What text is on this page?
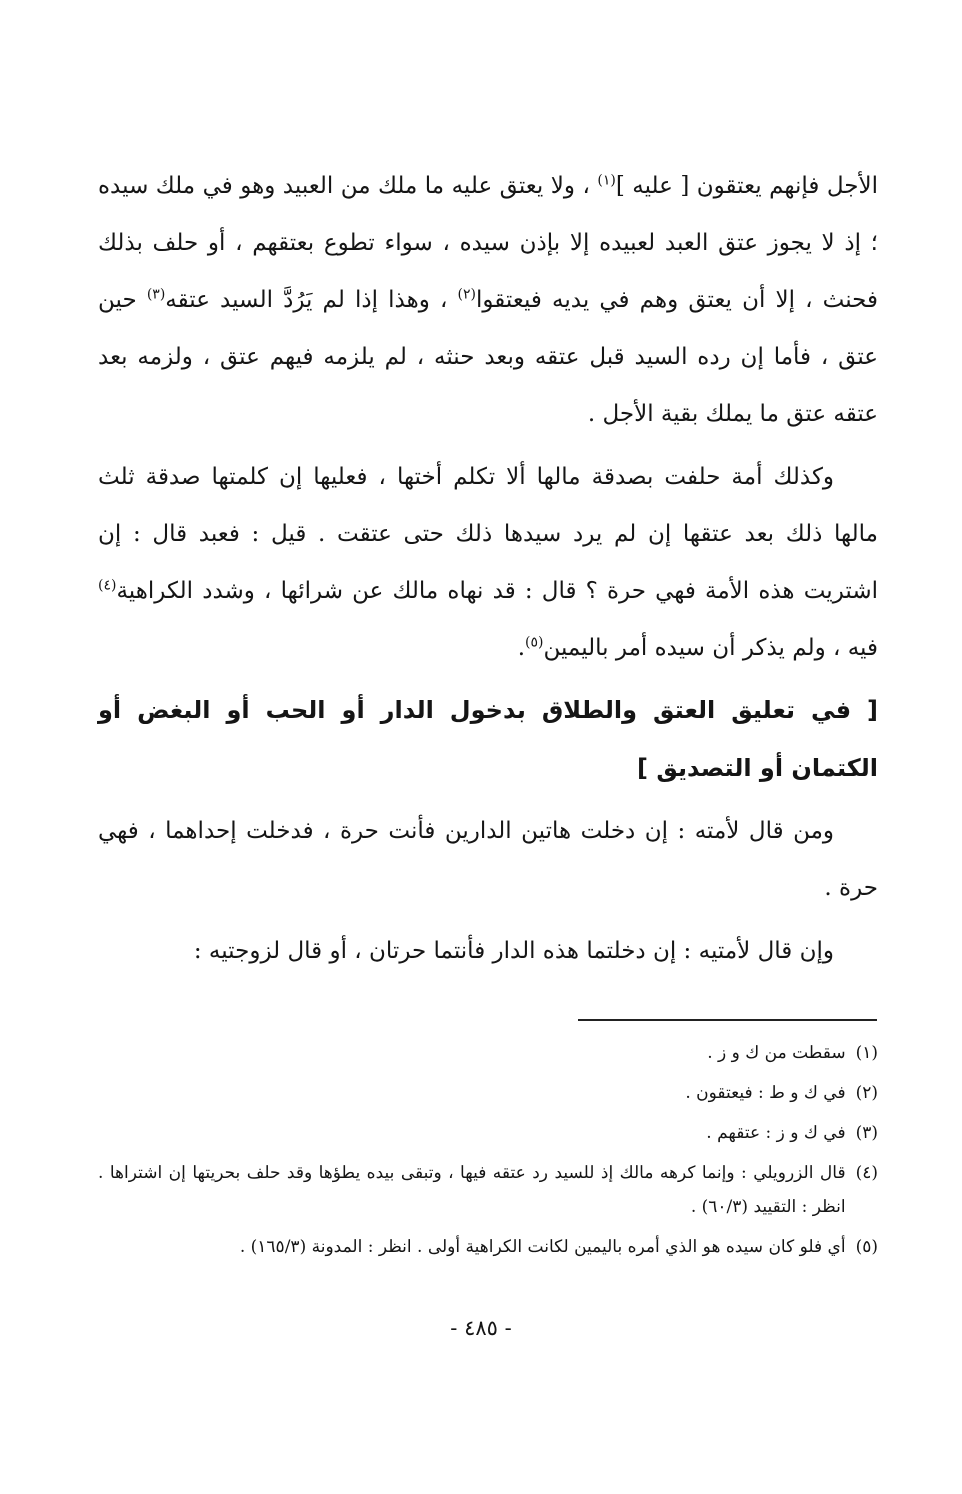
الأجل فإنهم يعتقون [ عليه ]$^{(١)}$ ، ولا يعتق عليه ما ملك من العبيد وهو في ملك سيده ؛ إذ لا يجوز عتق العبد لعبيده إلا بإذن سيده ، سواء تطوع بعتقهم ، أو حلف بذلك فحنث ، إلا أن يعتق وهم في يديه فيعتقوا$^{(٢)}$ ، وهذا إذا لم يَرُدَّ السيد عتقه$^{(٣)}$ حين عتق ، فأما إن رده السيد قبل عتقه وبعد حنثه ، لم يلزمه فيهم عتق ، ولزمه بعد عتقه عتق ما يملك بقية الأجل .

وكذلك أمة حلفت بصدقة مالها ألا تكلم أختها ، فعليها إن كلمتها صدقة ثلث مالها ذلك بعد عتقها إن لم يرد سيدها ذلك حتى عتقت . قيل : فعبد قال : إن اشتريت هذه الأمة فهي حرة ؟ قال : قد نهاه مالك عن شرائها ، وشدد الكراهية$^{(٤)}$ فيه ، ولم يذكر أن سيده أمر باليمين$^{(٥)}$.

[ في تعليق العتق والطلاق بدخول الدار أو الحب أو البغض أو الكتمان أو التصديق ]

ومن قال لأمته : إن دخلت هاتين الدارين فأنت حرة ، فدخلت إحداهما ، فهي حرة .

وإن قال لأمتيه : إن دخلتما هذه الدار فأنتما حرتان ، أو قال لزوجتيه :

(١)
سقطت من ك و ز .
(٢)
في ك و ط : فيعتقون .
(٣)
في ك و ز : عتقهم .
(٤)
قال الزرويلي : وإنما كرهه مالك إذ للسيد رد عتقه فيها ، وتبقى بيده يطؤها وقد حلف بحريتها إن اشتراها . انظر : التقييد (٦٠/٣) .
(٥)
أي فلو كان سيده هو الذي أمره باليمين لكانت الكراهية أولى . انظر : المدونة (١٦٥/٣) .
- ٤٨٥ -
